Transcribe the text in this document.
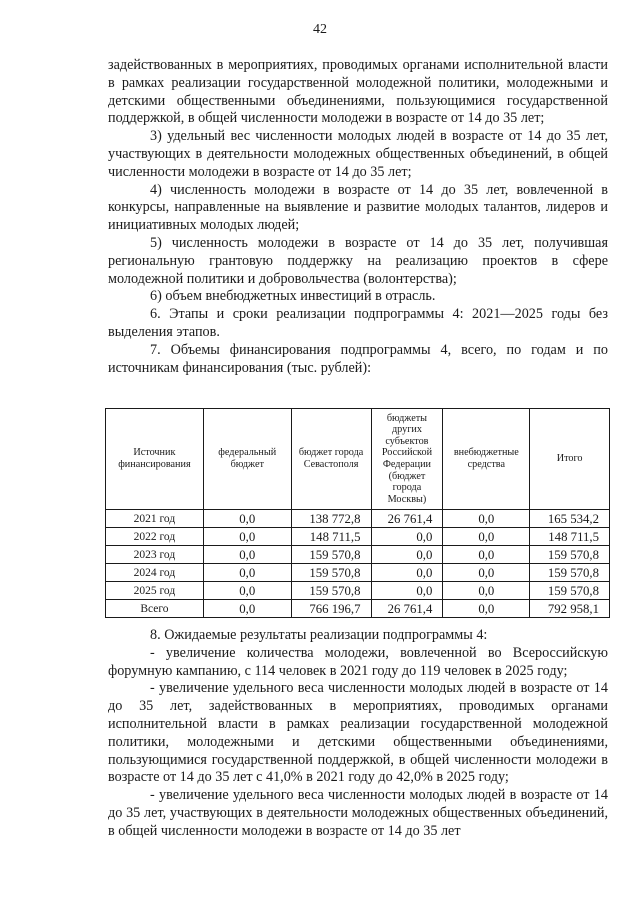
42

задействованных в мероприятиях, проводимых органами исполнительной власти в рамках реализации государственной молодежной политики, молодежными и детскими общественными объединениями, пользующимися государственной поддержкой, в общей численности молодежи в возрасте от 14 до 35 лет;

3) удельный вес численности молодых людей в возрасте от 14 до 35 лет, участвующих в деятельности молодежных общественных объединений, в общей численности молодежи в возрасте от 14 до 35 лет;

4) численность молодежи в возрасте от 14 до 35 лет, вовлеченной в конкурсы, направленные на выявление и развитие молодых талантов, лидеров и инициативных молодых людей;

5) численность молодежи в возрасте от 14 до 35 лет, получившая региональную грантовую поддержку на реализацию проектов в сфере молодежной политики и добровольчества (волонтерства);

6) объем внебюджетных инвестиций в отрасль.

6. Этапы и сроки реализации подпрограммы 4: 2021—2025 годы без выделения этапов.

7. Объемы финансирования подпрограммы 4, всего, по годам и по источникам финансирования (тыс. рублей):

Источник финансирования	федеральный бюджет	бюджет города Севастополя	бюджеты других субъектов Российской Федерации (бюджет города Москвы)	внебюджетные средства	Итого
2021 год	0,0	138 772,8	26 761,4	0,0	165 534,2
2022 год	0,0	148 711,5	0,0	0,0	148 711,5
2023 год	0,0	159 570,8	0,0	0,0	159 570,8
2024 год	0,0	159 570,8	0,0	0,0	159 570,8
2025 год	0,0	159 570,8	0,0	0,0	159 570,8
Всего	0,0	766 196,7	26 761,4	0,0	792 958,1

8. Ожидаемые результаты реализации подпрограммы 4:

- увеличение количества молодежи, вовлеченной во Всероссийскую форумную кампанию, с 114 человек в 2021 году до 119 человек в 2025 году;

- увеличение удельного веса численности молодых людей в возрасте от 14 до 35 лет, задействованных в мероприятиях, проводимых органами исполнительной власти в рамках реализации государственной молодежной политики, молодежными и детскими общественными объединениями, пользующимися государственной поддержкой, в общей численности молодежи в возрасте от 14 до 35 лет с 41,0% в 2021 году до 42,0% в 2025 году;

- увеличение удельного веса численности молодых людей в возрасте от 14 до 35 лет, участвующих в деятельности молодежных общественных объединений, в общей численности молодежи в возрасте от 14 до 35 лет
